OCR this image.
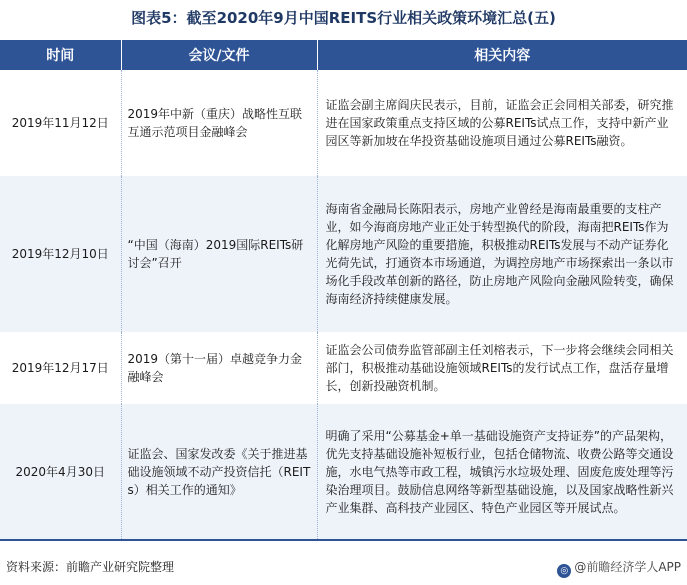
图表5：截至2020年9月中国REITS行业相关政策环境汇总(五)
时间	会议/文件	相关内容
2019年11月12日	2019年中新（重庆）战略性互联互通示范项目金融峰会	证监会副主席阎庆民表示，目前，证监会正会同相关部委，研究推进在国家政策重点支持区域的公募REITs试点工作，支持中新产业园区等新加坡在华投资基础设施项目通过公募REITs融资。
2019年12月10日	“中国（海南）2019国际REITs研讨会”召开	海南省金融局长陈阳表示，房地产业曾经是海南最重要的支柱产业，如今海商房地产业正处于转型换代的阶段，海南把REITs作为化解房地产风险的重要措施，积极推动REITs发展与不动产证券化光荷先试，打通资本市场通道，为调控房地产市场探索出一条以市场化手段改革创新的路径，防止房地产风险向金融风险转变，确保海南经济持续健康发展。
2019年12月17日	2019（第十一届）卓越竞争力金融峰会	证监会公司债券监管部副主任刘榕表示，下一步将会继续会同相关部门，积极推动基础设施领域REITs的发行试点工作，盘活存量增长，创新投融资机制。
2020年4月30日	证监会、国家发改委《关于推进基础设施领域不动产投资信托（REITs）相关工作的通知》	明确了采用“公募基金+单一基础设施资产支持证券”的产品架构，优先支持基础设施补短板行业，包括仓储物流、收费公路等交通设施，水电气热等市政工程，城镇污水垃圾处理、固废危废处理等污染治理项目。鼓励信息网络等新型基础设施，以及国家战略性新兴产业集群、高科技产业园区、特色产业园区等开展试点。
资料来源：前瞻产业研究院整理	◎ @前瞻经济学人APP
